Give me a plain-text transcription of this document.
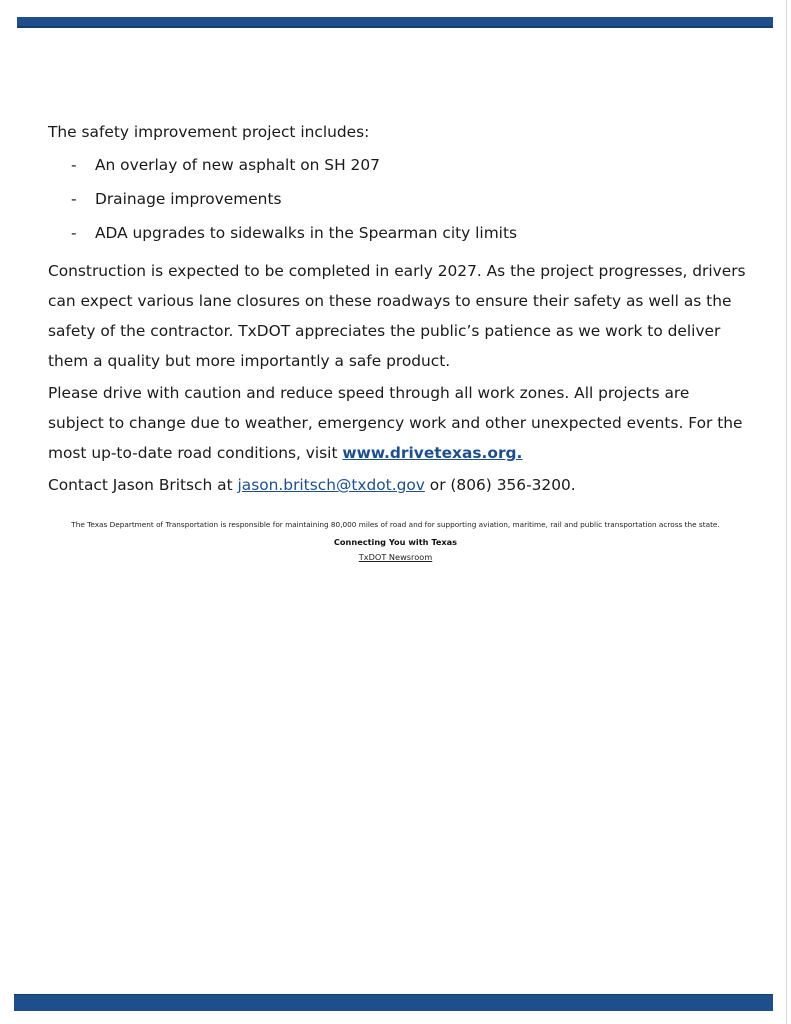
The safety improvement project includes:

- An overlay of new asphalt on SH 207
- Drainage improvements
- ADA upgrades to sidewalks in the Spearman city limits

Construction is expected to be completed in early 2027. As the project progresses, drivers can expect various lane closures on these roadways to ensure their safety as well as the safety of the contractor. TxDOT appreciates the public’s patience as we work to deliver them a quality but more importantly a safe product.

Please drive with caution and reduce speed through all work zones. All projects are subject to change due to weather, emergency work and other unexpected events. For the most up-to-date road conditions, visit www.drivetexas.org.

Contact Jason Britsch at jason.britsch@txdot.gov or (806) 356-3200.

The Texas Department of Transportation is responsible for maintaining 80,000 miles of road and for supporting aviation, maritime, rail and public transportation across the state.

Connecting You with Texas

TxDOT Newsroom
